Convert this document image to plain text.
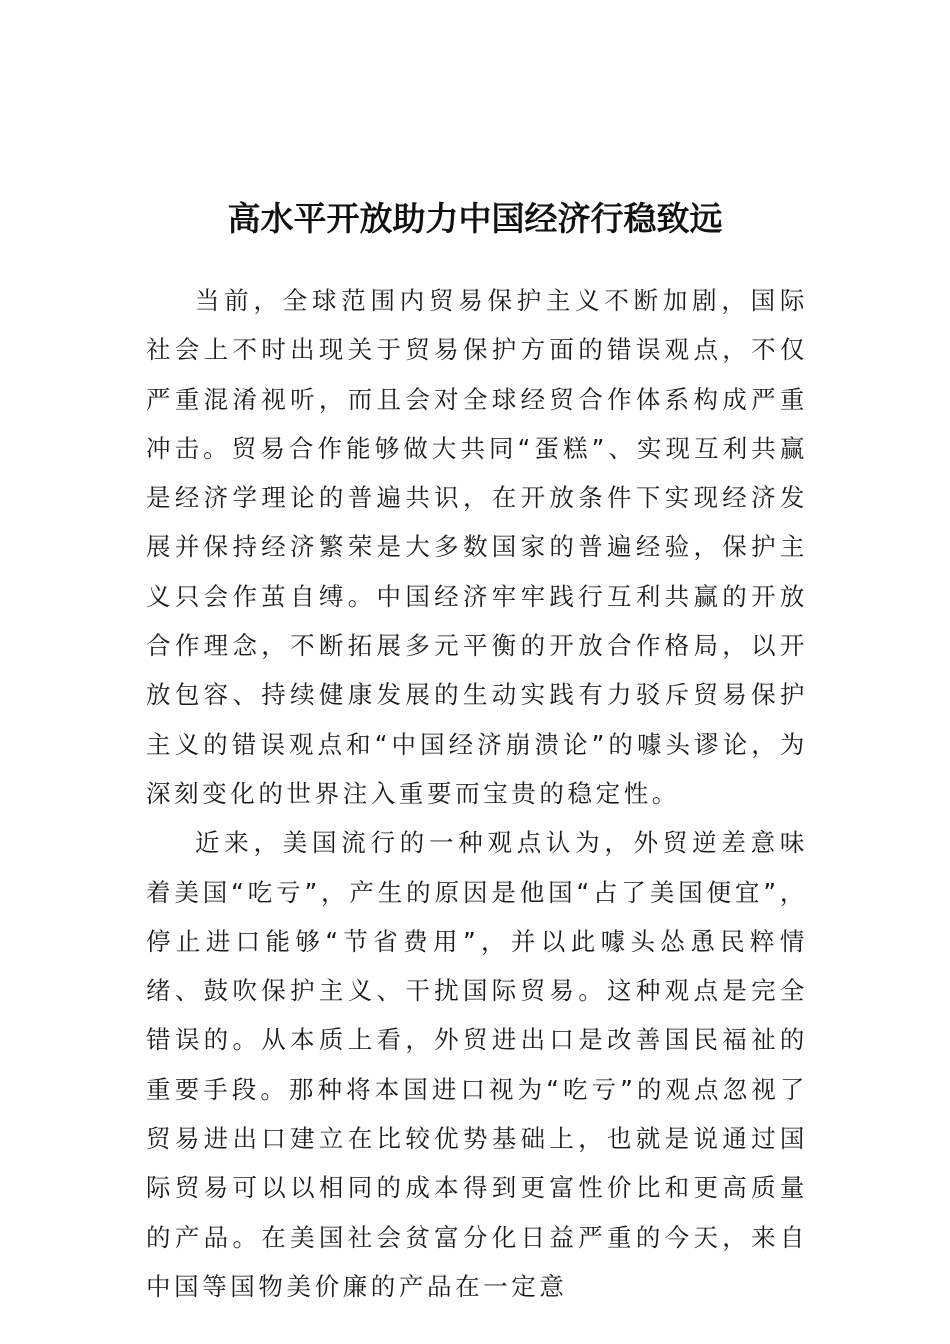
高水平开放助力中国经济行稳致远

当前，全球范围内贸易保护主义不断加剧，国际社会上不时出现关于贸易保护方面的错误观点，不仅严重混淆视听，而且会对全球经贸合作体系构成严重冲击。贸易合作能够做大共同“蛋糕”、实现互利共赢是经济学理论的普遍共识，在开放条件下实现经济发展并保持经济繁荣是大多数国家的普遍经验，保护主义只会作茧自缚。中国经济牢牢践行互利共赢的开放合作理念，不断拓展多元平衡的开放合作格局，以开放包容、持续健康发展的生动实践有力驳斥贸易保护主义的错误观点和“中国经济崩溃论”的噱头谬论，为深刻变化的世界注入重要而宝贵的稳定性。

近来，美国流行的一种观点认为，外贸逆差意味着美国“吃亏”，产生的原因是他国“占了美国便宜”，停止进口能够“节省费用”，并以此噱头怂恿民粹情绪、鼓吹保护主义、干扰国际贸易。这种观点是完全错误的。从本质上看，外贸进出口是改善国民福祉的重要手段。那种将本国进口视为“吃亏”的观点忽视了贸易进出口建立在比较优势基础上，也就是说通过国际贸易可以以相同的成本得到更富性价比和更高质量的产品。在美国社会贫富分化日益严重的今天，来自中国等国物美价廉的产品在一定意
